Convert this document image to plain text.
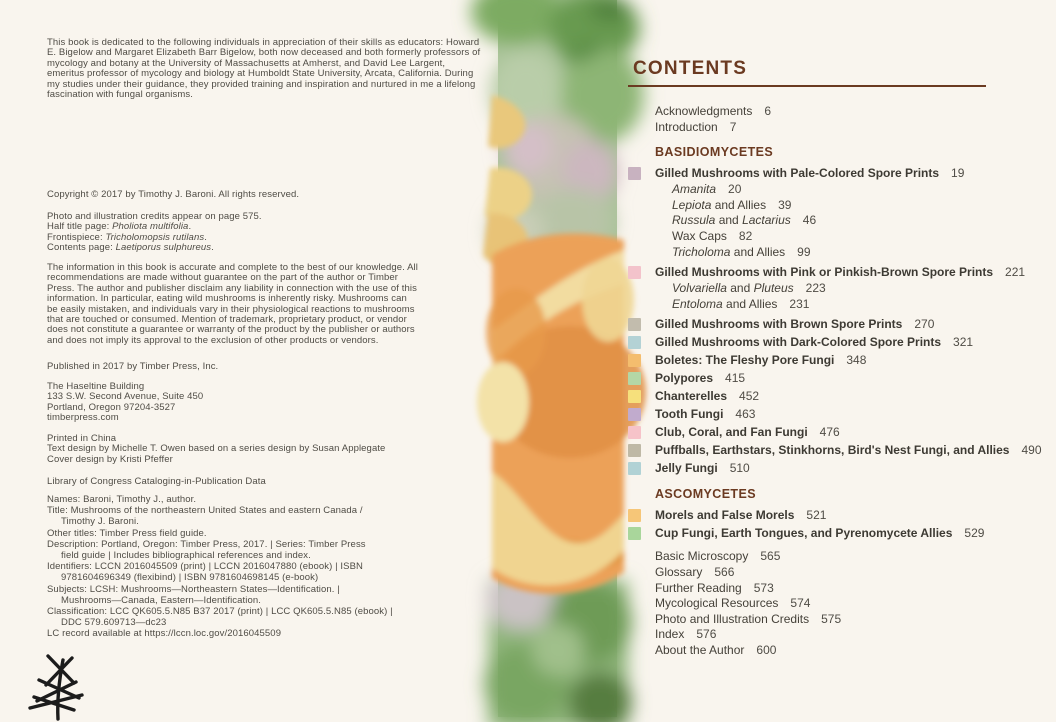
This book is dedicated to the following individuals in appreciation of their skills as educators: Howard E. Bigelow and Margaret Elizabeth Barr Bigelow, both now deceased and both formerly professors of mycology and botany at the University of Massachusetts at Amherst, and David Lee Largent, emeritus professor of mycology and biology at Humboldt State University, Arcata, California. During my studies under their guidance, they provided training and inspiration and nurtured in me a lifelong fascination with fungal organisms.
Copyright © 2017 by Timothy J. Baroni. All rights reserved.
Photo and illustration credits appear on page 575.
Half title page: Pholiota multifolia.
Frontispiece: Tricholomopsis rutilans.
Contents page: Laetiporus sulphureus.
The information in this book is accurate and complete to the best of our knowledge. All recommendations are made without guarantee on the part of the author or Timber Press. The author and publisher disclaim any liability in connection with the use of this information. In particular, eating wild mushrooms is inherently risky. Mushrooms can be easily mistaken, and individuals vary in their physiological reactions to mushrooms that are touched or consumed. Mention of trademark, proprietary product, or vendor does not constitute a guarantee or warranty of the product by the publisher or authors and does not imply its approval to the exclusion of other products or vendors.
Published in 2017 by Timber Press, Inc.
The Haseltine Building
133 S.W. Second Avenue, Suite 450
Portland, Oregon 97204-3527
timberpress.com
Printed in China
Text design by Michelle T. Owen based on a series design by Susan Applegate
Cover design by Kristi Pfeffer
Library of Congress Cataloging-in-Publication Data
Names: Baroni, Timothy J., author.
Title: Mushrooms of the northeastern United States and eastern Canada /
Timothy J. Baroni.
Other titles: Timber Press field guide.
Description: Portland, Oregon: Timber Press, 2017. | Series: Timber Press
field guide | Includes bibliographical references and index.
Identifiers: LCCN 2016045509 (print) | LCCN 2016047880 (ebook) | ISBN
9781604696349 (flexibind) | ISBN 9781604698145 (e-book)
Subjects: LCSH: Mushrooms—Northeastern States—Identification. |
Mushrooms—Canada, Eastern—Identification.
Classification: LCC QK605.5.N85 B37 2017 (print) | LCC QK605.5.N85 (ebook) |
DDC 579.609713—dc23
LC record available at https://lccn.loc.gov/2016045509
CONTENTS
Acknowledgments 6
Introduction 7
BASIDIOMYCETES
Gilled Mushrooms with Pale-Colored Spore Prints 19
Amanita 20
Lepiota and Allies 39
Russula and Lactarius 46
Wax Caps 82
Tricholoma and Allies 99
Gilled Mushrooms with Pink or Pinkish-Brown Spore Prints 221
Volvariella and Pluteus 223
Entoloma and Allies 231
Gilled Mushrooms with Brown Spore Prints 270
Gilled Mushrooms with Dark-Colored Spore Prints 321
Boletes: The Fleshy Pore Fungi 348
Polypores 415
Chanterelles 452
Tooth Fungi 463
Club, Coral, and Fan Fungi 476
Puffballs, Earthstars, Stinkhorns, Bird's Nest Fungi, and Allies 490
Jelly Fungi 510
ASCOMYCETES
Morels and False Morels 521
Cup Fungi, Earth Tongues, and Pyrenomycete Allies 529
Basic Microscopy 565
Glossary 566
Further Reading 573
Mycological Resources 574
Photo and Illustration Credits 575
Index 576
About the Author 600
